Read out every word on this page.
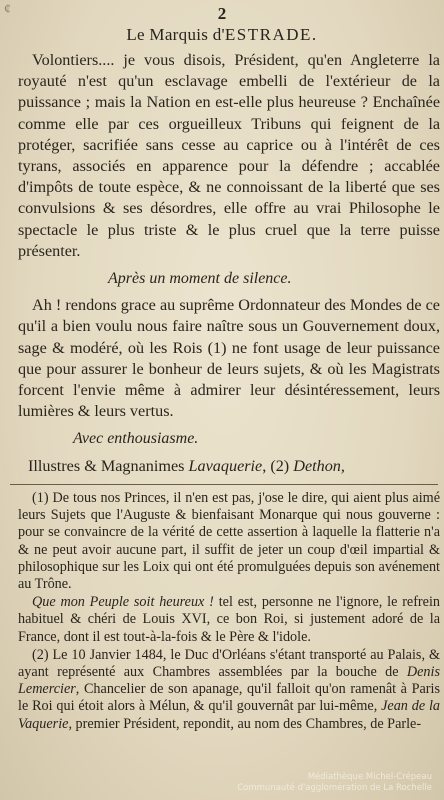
¢	2
Le Marquis d'ESTRADE.

Volontiers.... je vous disois, Président, qu'en Angleterre la royauté n'est qu'un esclavage embelli de l'extérieur de la puissance ; mais la Nation en est-elle plus heureuse ? Enchaînée comme elle par ces orgueilleux Tribuns qui feignent de la protéger, sacrifiée sans cesse au caprice ou à l'intérêt de ces tyrans, associés en apparence pour la défendre ; accablée d'impôts de toute espèce, & ne connoissant de la liberté que ses convulsions & ses désordres, elle offre au vrai Philosophe le spectacle le plus triste & le plus cruel que la terre puisse présenter.

Après un moment de silence.

Ah ! rendons grace au suprême Ordonnateur des Mondes de ce qu'il a bien voulu nous faire naître sous un Gouvernement doux, sage & modéré, où les Rois (1) ne font usage de leur puissance que pour assurer le bonheur de leurs sujets, & où les Magistrats forcent l'envie même à admirer leur désintéressement, leurs lumières & leurs vertus.

Avec enthousiasme.

Illustres & Magnanimes Lavaquerie, (2) Dethon,

(1) De tous nos Princes, il n'en est pas, j'ose le dire, qui aient plus aimé leurs Sujets que l'Auguste & bienfaisant Monarque qui nous gouverne : pour se convaincre de la vérité de cette assertion à laquelle la flatterie n'a & ne peut avoir aucune part, il suffit de jeter un coup d'œil impartial & philosophique sur les Loix qui ont été promulguées depuis son avénement au Trône.

Que mon Peuple soit heureux ! tel est, personne ne l'ignore, le refrein habituel & chéri de Louis XVI, ce bon Roi, si justement adoré de la France, dont il est tout-à-la-fois & le Père & l'idole.

(2) Le 10 Janvier 1484, le Duc d'Orléans s'étant transporté au Palais, & ayant représenté aux Chambres assemblées par la bouche de Denis Lemercier, Chancelier de son apanage, qu'il falloit qu'on ramenât à Paris le Roi qui étoit alors à Mélun, & qu'il gouvernât par lui-même, Jean de la Vaquerie, premier Président, repondit, au nom des Chambres, de Parle-

Médiathèque Michel-Crépeau
Communauté d'agglomération de La Rochelle
